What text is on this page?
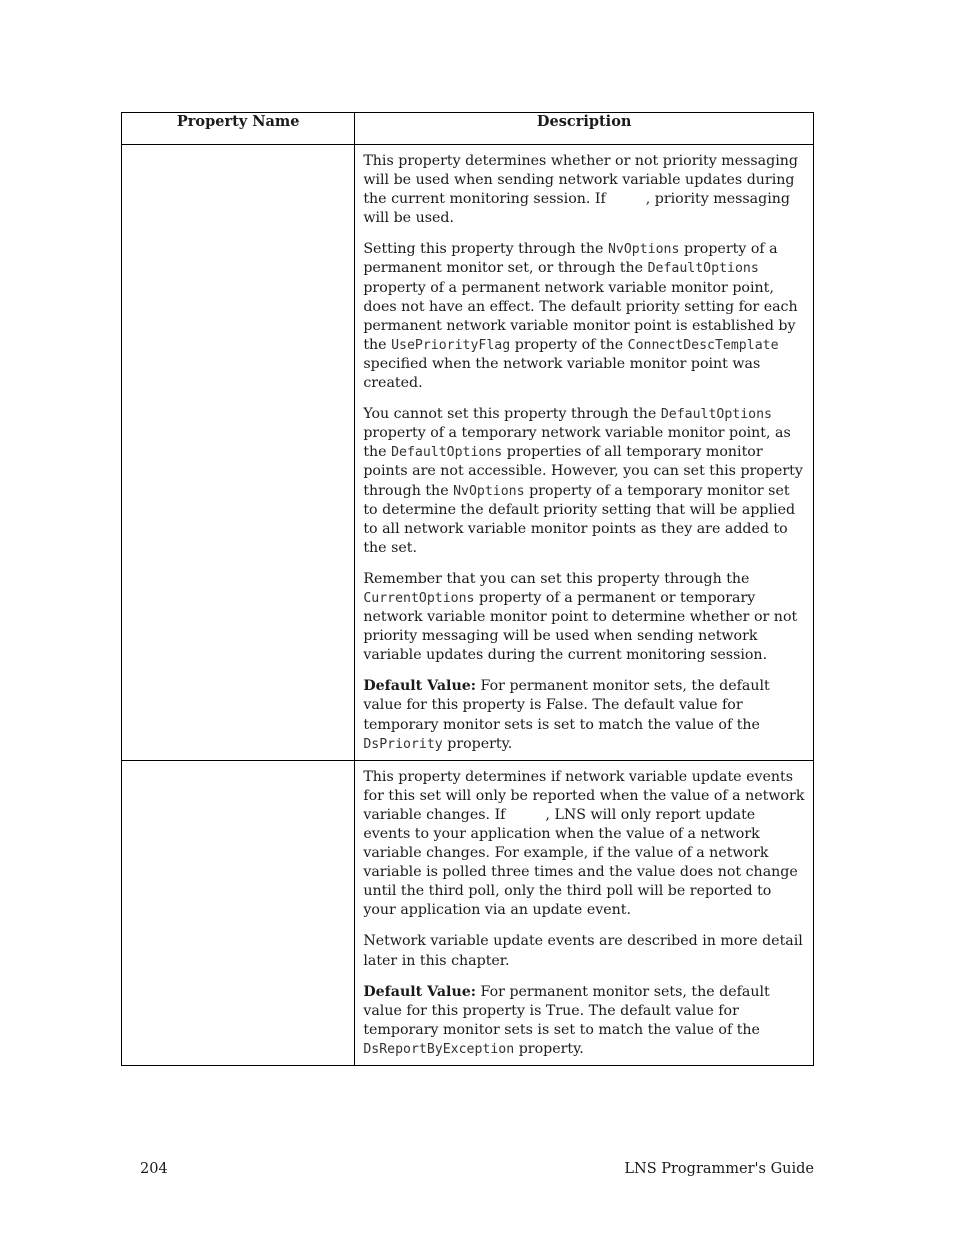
Property Name	Description

	This property determines whether or not priority messaging will be used when sending network variable updates during the current monitoring session. If , priority messaging will be used.

Setting this property through the NvOptions property of a permanent monitor set, or through the DefaultOptions property of a permanent network variable monitor point, does not have an effect. The default priority setting for each permanent network variable monitor point is established by the UsePriorityFlag property of the ConnectDescTemplate specified when the network variable monitor point was created.

You cannot set this property through the DefaultOptions property of a temporary network variable monitor point, as the DefaultOptions properties of all temporary monitor points are not accessible. However, you can set this property through the NvOptions property of a temporary monitor set to determine the default priority setting that will be applied to all network variable monitor points as they are added to the set.

Remember that you can set this property through the CurrentOptions property of a permanent or temporary network variable monitor point to determine whether or not priority messaging will be used when sending network variable updates during the current monitoring session.

Default Value: For permanent monitor sets, the default value for this property is False. The default value for temporary monitor sets is set to match the value of the DsPriority property.

	This property determines if network variable update events for this set will only be reported when the value of a network variable changes. If , LNS will only report update events to your application when the value of a network variable changes. For example, if the value of a network variable is polled three times and the value does not change until the third poll, only the third poll will be reported to your application via an update event.

Network variable update events are described in more detail later in this chapter.

Default Value: For permanent monitor sets, the default value for this property is True. The default value for temporary monitor sets is set to match the value of the DsReportByException property.

204	LNS Programmer's Guide
